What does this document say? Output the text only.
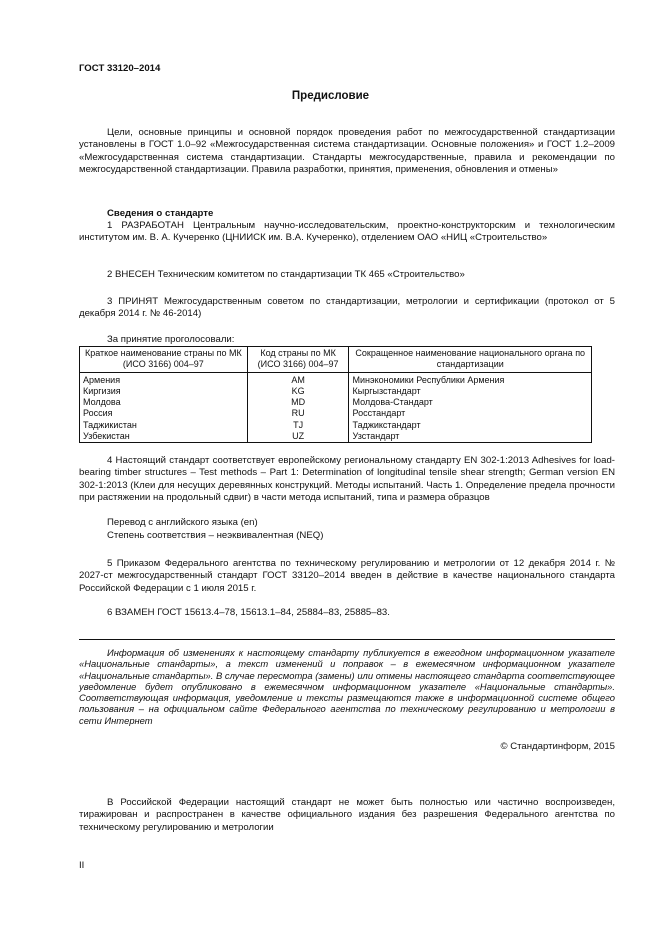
ГОСТ 33120–2014
Предисловие
Цели, основные принципы и основной порядок проведения работ по межгосударственной стандартизации установлены в ГОСТ 1.0–92 «Межгосударственная система стандартизации. Основные положения» и ГОСТ 1.2–2009 «Межгосударственная система стандартизации. Стандарты межгосударственные, правила и рекомендации по межгосударственной стандартизации. Правила разработки, принятия, применения, обновления и отмены»
Сведения о стандарте
1 РАЗРАБОТАН Центральным научно-исследовательским, проектно-конструкторским и технологическим институтом им. В. А. Кучеренко (ЦНИИСК им. В.А. Кучеренко), отделением ОАО «НИЦ «Строительство»
2 ВНЕСЕН Техническим комитетом по стандартизации ТК 465 «Строительство»
3 ПРИНЯТ Межгосударственным советом по стандартизации, метрологии и сертификации (протокол от 5 декабря 2014 г. № 46-2014)
За принятие проголосовали:
Краткое наименование страны по МК (ИСО 3166) 004–97	Код страны по МК (ИСО 3166) 004–97	Сокращенное наименование национального органа по стандартизации
Армения	AM	Минэкономики Республики Армения
Киргизия	KG	Кыргызстандарт
Молдова	MD	Молдова-Стандарт
Россия	RU	Росстандарт
Таджикистан	TJ	Таджикстандарт
Узбекистан	UZ	Узстандарт
4 Настоящий стандарт соответствует европейскому региональному стандарту EN 302-1:2013 Adhesives for load-bearing timber structures – Test methods – Part 1: Determination of longitudinal tensile shear strength; German version EN 302-1:2013 (Клеи для несущих деревянных конструкций. Методы испытаний. Часть 1. Определение предела прочности при растяжении на продольный сдвиг) в части метода испытаний, типа и размера образцов
Перевод с английского языка (en)
Степень соответствия – неэквивалентная (NEQ)
5 Приказом Федерального агентства по техническому регулированию и метрологии от 12 декабря 2014 г. № 2027-ст межгосударственный стандарт ГОСТ 33120–2014 введен в действие в качестве национального стандарта Российской Федерации с 1 июля 2015 г.
6 ВЗАМЕН ГОСТ 15613.4–78, 15613.1–84, 25884–83, 25885–83.
Информация об изменениях к настоящему стандарту публикуется в ежегодном информационном указателе «Национальные стандарты», а текст изменений и поправок – в ежемесячном информационном указателе «Национальные стандарты». В случае пересмотра (замены) или отмены настоящего стандарта соответствующее уведомление будет опубликовано в ежемесячном информационном указателе «Национальные стандарты». Соответствующая информация, уведомление и тексты размещаются также в информационной системе общего пользования – на официальном сайте Федерального агентства по техническому регулированию и метрологии в сети Интернет
© Стандартинформ, 2015
В Российской Федерации настоящий стандарт не может быть полностью или частично воспроизведен, тиражирован и распространен в качестве официального издания без разрешения Федерального агентства по техническому регулированию и метрологии
II
